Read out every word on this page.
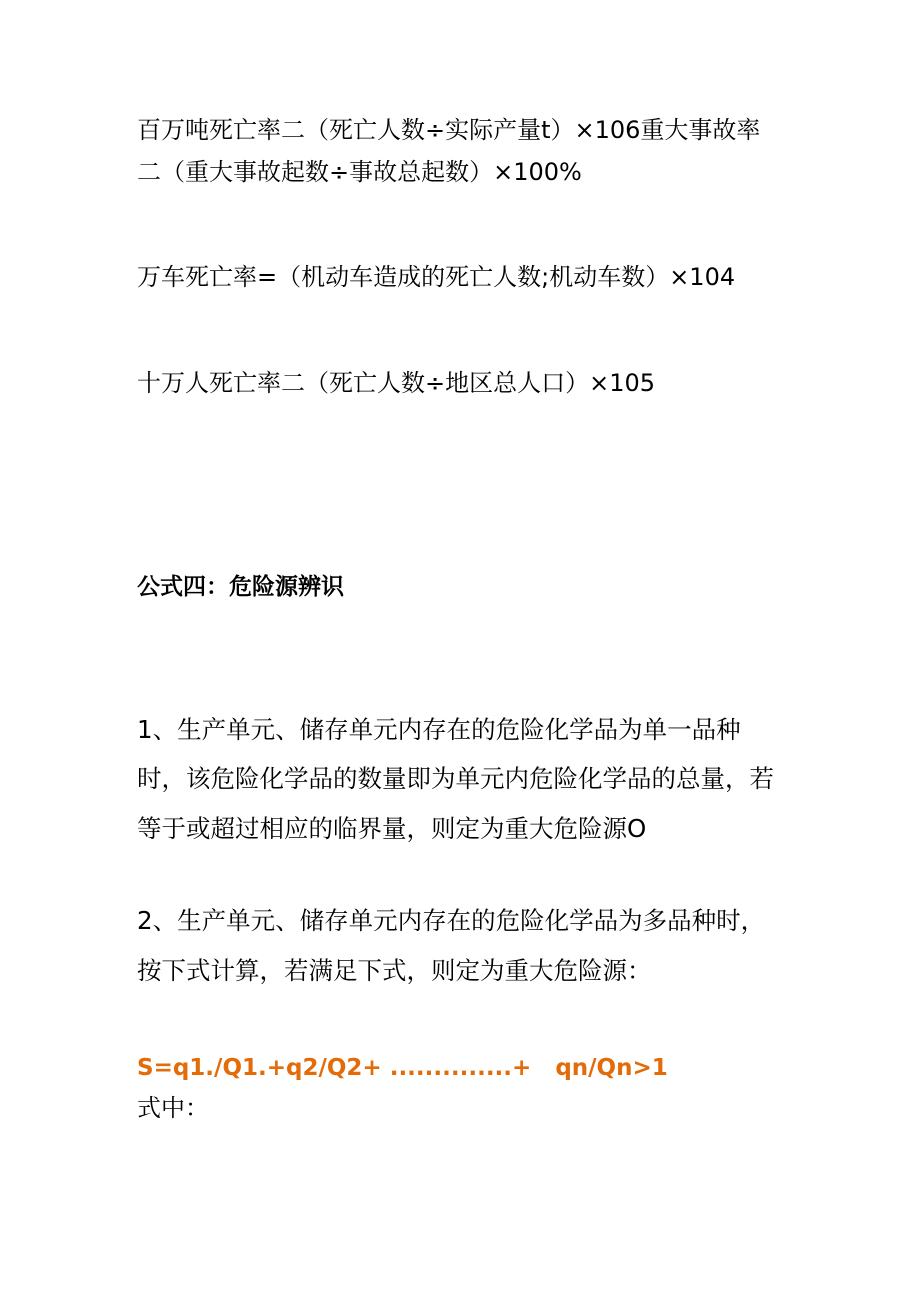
百万吨死亡率二（死亡人数÷实际产量t）×106重大事故率

二（重大事故起数÷事故总起数）×100%

万车死亡率=（机动车造成的死亡人数;机动车数）×104

十万人死亡率二（死亡人数÷地区总人口）×105

公式四：危险源辨识

1、生产单元、储存单元内存在的危险化学品为单一品种

时，该危险化学品的数量即为单元内危险化学品的总量，若

等于或超过相应的临界量，则定为重大危险源O

2、生产单元、储存单元内存在的危险化学品为多品种时，

按下式计算，若满足下式，则定为重大危险源：

S=q1./Q1.+q2/Q2+ ..............+   qn/Qn>1

式中：
